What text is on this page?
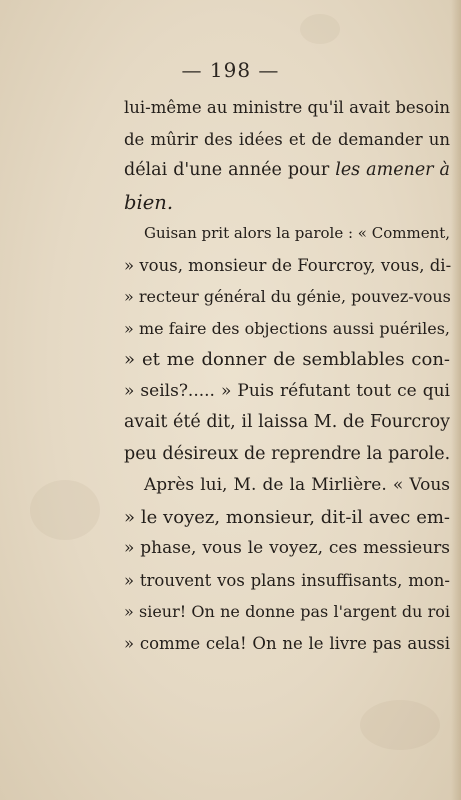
— 198 —
lui-même au ministre qu'il avait besoin
de mûrir des idées et de demander un
délai d'une année pour les amener à
bien.
Guisan prit alors la parole : « Comment,
» vous, monsieur de Fourcroy, vous, di-
» recteur général du génie, pouvez-vous
» me faire des objections aussi puériles,
» et me donner de semblables con-
» seils?..... » Puis réfutant tout ce qui
avait été dit, il laissa M. de Fourcroy
peu désireux de reprendre la parole.
Après lui, M. de la Mirlière. « Vous
» le voyez, monsieur, dit-il avec em-
» phase, vous le voyez, ces messieurs
» trouvent vos plans insuffisants, mon-
» sieur! On ne donne pas l'argent du roi
» comme cela! On ne le livre pas aussi
